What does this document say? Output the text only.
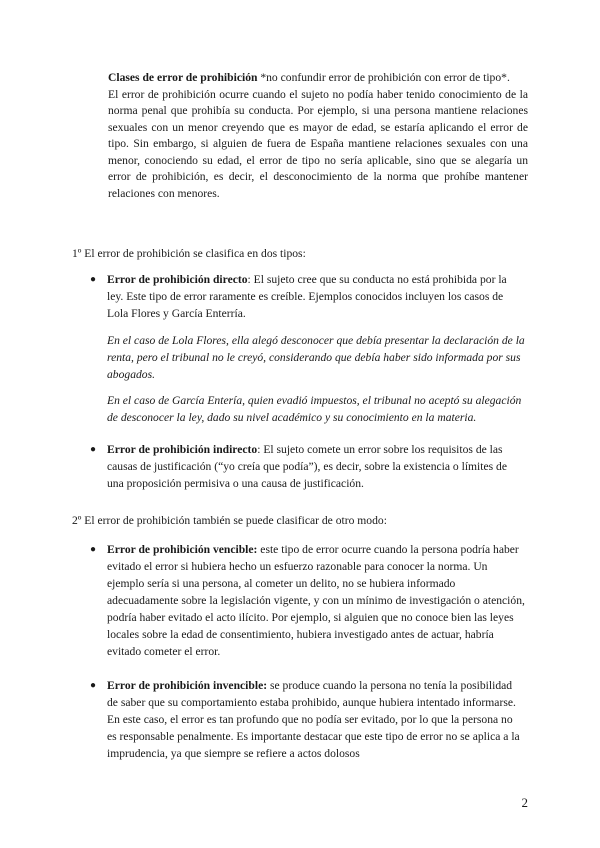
Clases de error de prohibición *no confundir error de prohibición con error de tipo*.

El error de prohibición ocurre cuando el sujeto no podía haber tenido conocimiento de la norma penal que prohibía su conducta. Por ejemplo, si una persona mantiene relaciones sexuales con un menor creyendo que es mayor de edad, se estaría aplicando el error de tipo. Sin embargo, si alguien de fuera de España mantiene relaciones sexuales con una menor, conociendo su edad, el error de tipo no sería aplicable, sino que se alegaría un error de prohibición, es decir, el desconocimiento de la norma que prohíbe mantener relaciones con menores.

1º El error de prohibición se clasifica en dos tipos:
● Error de prohibición directo: El sujeto cree que su conducta no está prohibida por la ley. Este tipo de error raramente es creíble. Ejemplos conocidos incluyen los casos de Lola Flores y García Enterría.

En el caso de Lola Flores, ella alegó desconocer que debía presentar la declaración de la renta, pero el tribunal no le creyó, considerando que debía haber sido informada por sus abogados.

En el caso de García Entería, quien evadió impuestos, el tribunal no aceptó su alegación de desconocer la ley, dado su nivel académico y su conocimiento en la materia.

● Error de prohibición indirecto: El sujeto comete un error sobre los requisitos de las causas de justificación (“yo creía que podía”), es decir, sobre la existencia o límites de una proposición permisiva o una causa de justificación.
2º El error de prohibición también se puede clasificar de otro modo:
● Error de prohibición vencible: este tipo de error ocurre cuando la persona podría haber evitado el error si hubiera hecho un esfuerzo razonable para conocer la norma. Un ejemplo sería si una persona, al cometer un delito, no se hubiera informado adecuadamente sobre la legislación vigente, y con un mínimo de investigación o atención, podría haber evitado el acto ilícito. Por ejemplo, si alguien que no conoce bien las leyes locales sobre la edad de consentimiento, hubiera investigado antes de actuar, habría evitado cometer el error.
● Error de prohibición invencible: se produce cuando la persona no tenía la posibilidad de saber que su comportamiento estaba prohibido, aunque hubiera intentado informarse. En este caso, el error es tan profundo que no podía ser evitado, por lo que la persona no es responsable penalmente. Es importante destacar que este tipo de error no se aplica a la imprudencia, ya que siempre se refiere a actos dolosos
2
